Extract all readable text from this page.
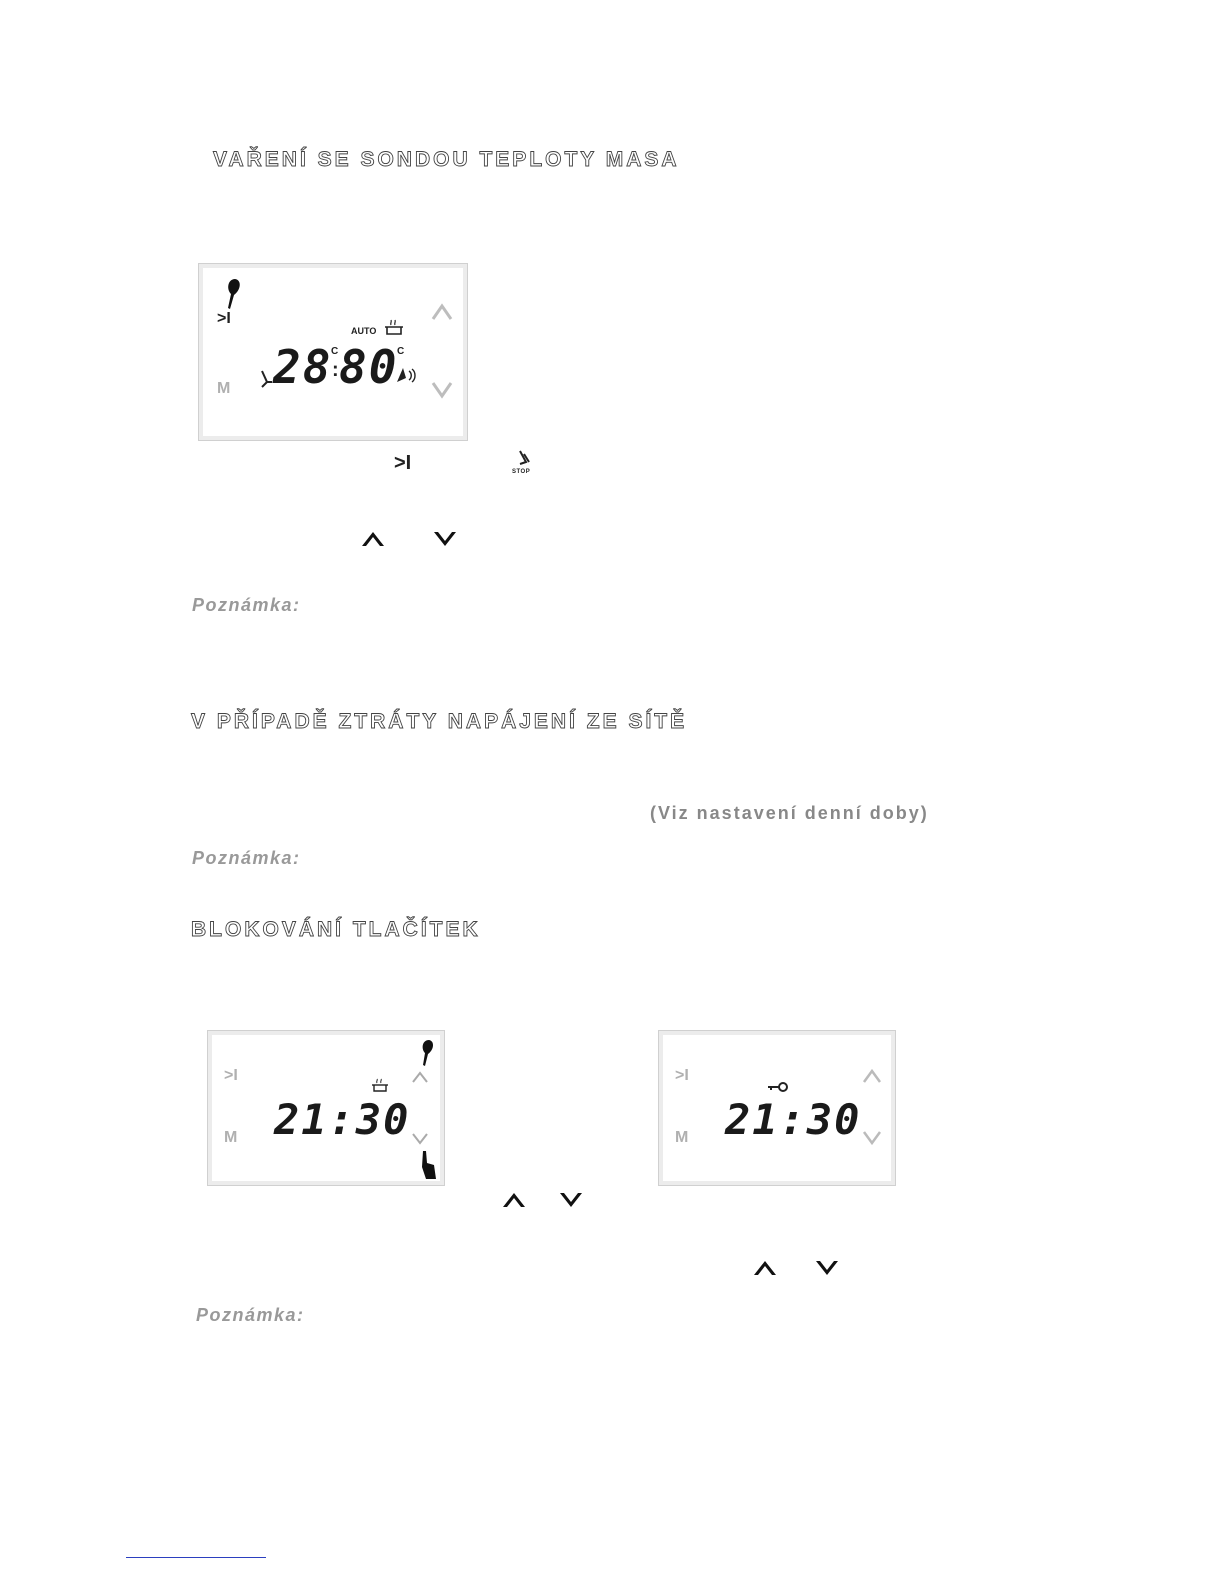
VAŘENÍ SE SONDOU TEPLOTY MASA
>I
M
AUTO
28
C
: 80
C
>I	STOP
Poznámka:
V PŘÍPADĚ ZTRÁTY NAPÁJENÍ ZE SÍTĚ
(Viz nastavení denní doby)
Poznámka:
BLOKOVÁNÍ TLAČÍTEK
>I
M 21:30
>I
M 21:30
Poznámka:
